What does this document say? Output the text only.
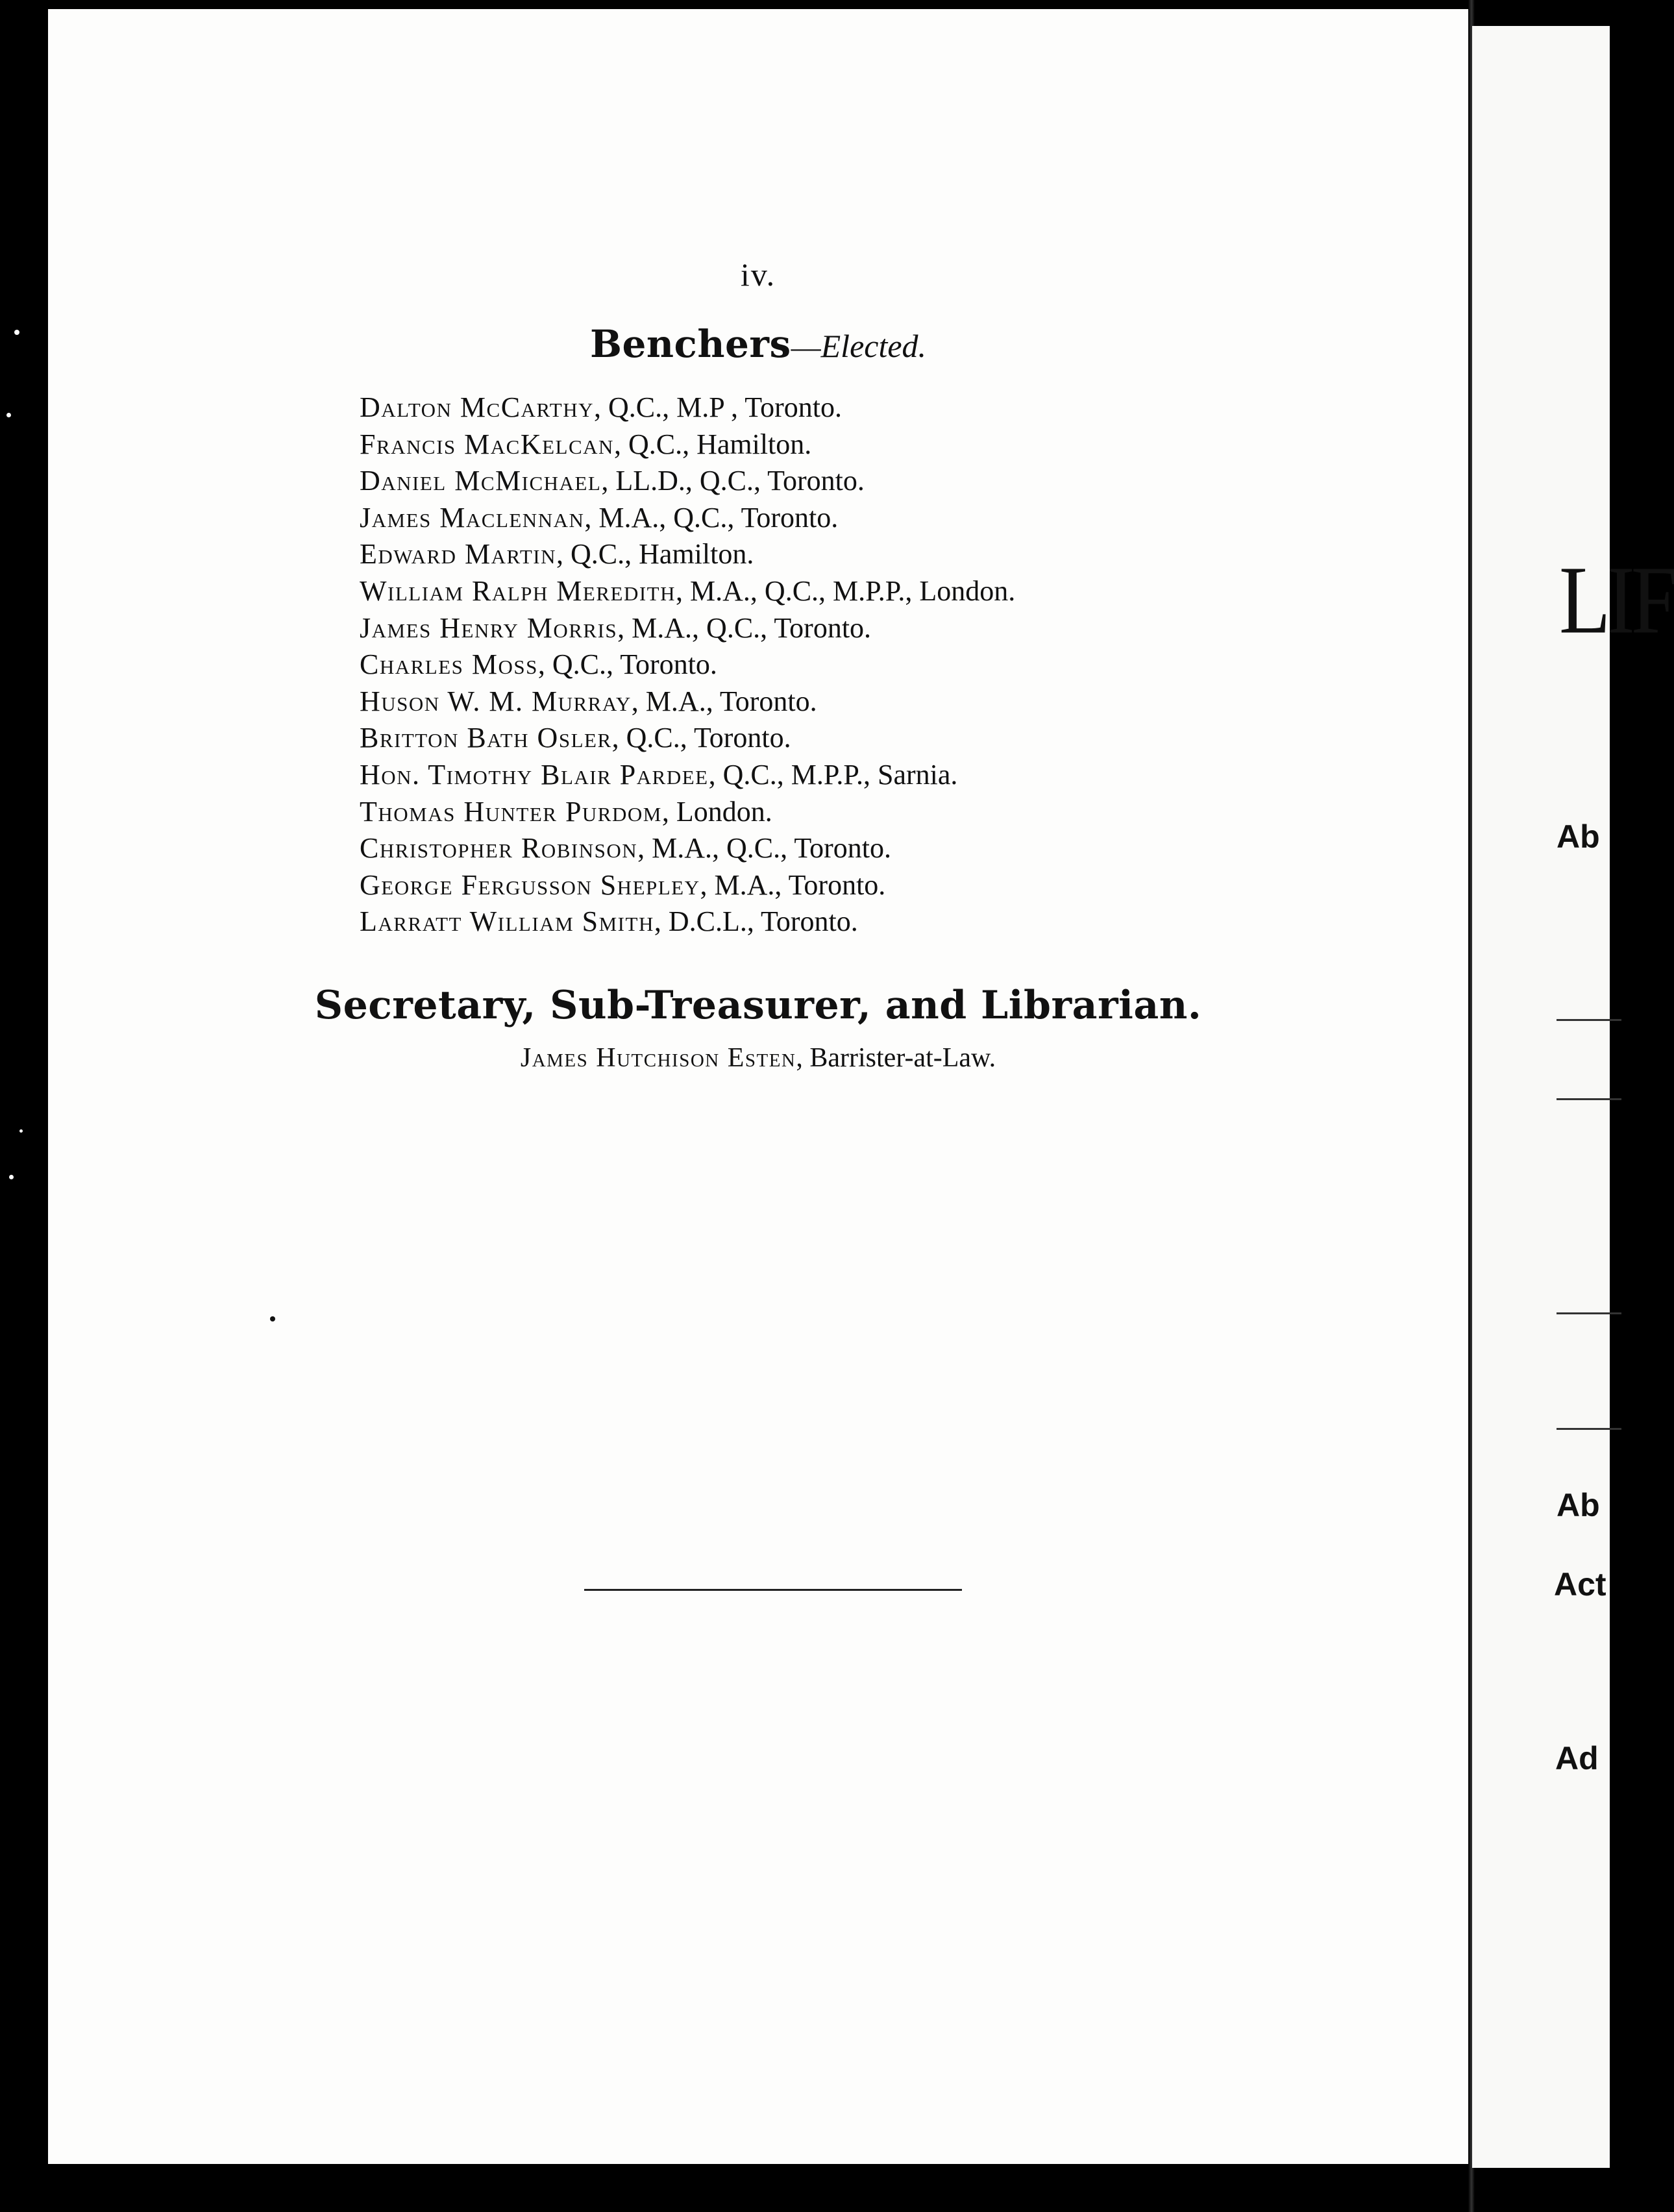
iv.
Benchers—Elected.
Dalton McCarthy, Q.C., M.P , Toronto.
Francis MacKelcan, Q.C., Hamilton.
Daniel McMichael, LL.D., Q.C., Toronto.
James Maclennan, M.A., Q.C., Toronto.
Edward Martin, Q.C., Hamilton.
William Ralph Meredith, M.A., Q.C., M.P.P., London.
James Henry Morris, M.A., Q.C., Toronto.
Charles Moss, Q.C., Toronto.
Huson W. M. Murray, M.A., Toronto.
Britton Bath Osler, Q.C., Toronto.
Hon. Timothy Blair Pardee, Q.C., M.P.P., Sarnia.
Thomas Hunter Purdom, London.
Christopher Robinson, M.A., Q.C., Toronto.
George Fergusson Shepley, M.A., Toronto.
Larratt William Smith, D.C.L., Toronto.
Secretary, Sub-Treasurer, and Librarian.
James Hutchison Esten, Barrister-at-Law.
LIF
Ab
Ab
Act
Ad
